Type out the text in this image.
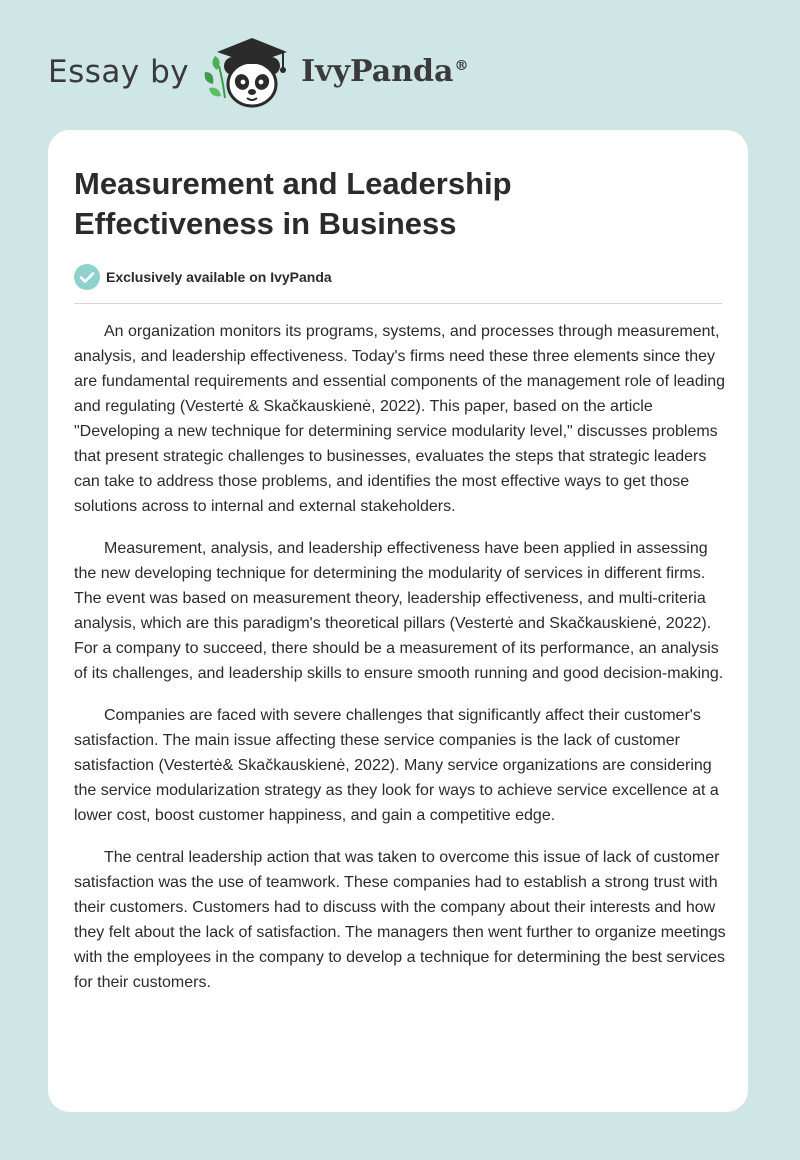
Essay by	IvyPanda®
Measurement and Leadership Effectiveness in Business
Exclusively available on IvyPanda

An organization monitors its programs, systems, and processes through measurement, analysis, and leadership effectiveness. Today's firms need these three elements since they are fundamental requirements and essential components of the management role of leading and regulating (Vestertė & Skačkauskienė, 2022). This paper, based on the article "Developing a new technique for determining service modularity level," discusses problems that present strategic challenges to businesses, evaluates the steps that strategic leaders can take to address those problems, and identifies the most effective ways to get those solutions across to internal and external stakeholders.

Measurement, analysis, and leadership effectiveness have been applied in assessing the new developing technique for determining the modularity of services in different firms. The event was based on measurement theory, leadership effectiveness, and multi-criteria analysis, which are this paradigm's theoretical pillars (Vestertė and Skačkauskienė, 2022). For a company to succeed, there should be a measurement of its performance, an analysis of its challenges, and leadership skills to ensure smooth running and good decision-making.

Companies are faced with severe challenges that significantly affect their customer's satisfaction. The main issue affecting these service companies is the lack of customer satisfaction (Vestertė& Skačkauskienė, 2022). Many service organizations are considering the service modularization strategy as they look for ways to achieve service excellence at a lower cost, boost customer happiness, and gain a competitive edge.

The central leadership action that was taken to overcome this issue of lack of customer satisfaction was the use of teamwork. These companies had to establish a strong trust with their customers. Customers had to discuss with the company about their interests and how they felt about the lack of satisfaction. The managers then went further to organize meetings with the employees in the company to develop a technique for determining the best services for their customers.
